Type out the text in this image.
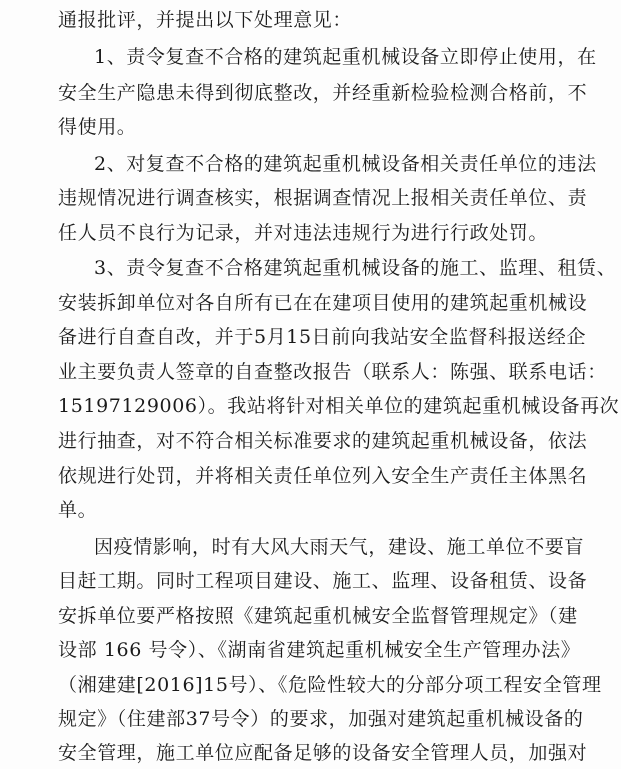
通报批评，并提出以下处理意见：
1、责令复查不合格的建筑起重机械设备立即停止使用，在
安全生产隐患未得到彻底整改，并经重新检验检测合格前，不
得使用。
2、对复查不合格的建筑起重机械设备相关责任单位的违法
违规情况进行调查核实，根据调查情况上报相关责任单位、责
任人员不良行为记录，并对违法违规行为进行行政处罚。
3、责令复查不合格建筑起重机械设备的施工、监理、租赁、
安装拆卸单位对各自所有已在在建项目使用的建筑起重机械设
备进行自查自改，并于5月15日前向我站安全监督科报送经企
业主要负责人签章的自查整改报告（联系人：陈强、联系电话：
15197129006）。我站将针对相关单位的建筑起重机械设备再次
进行抽查，对不符合相关标准要求的建筑起重机械设备，依法
依规进行处罚，并将相关责任单位列入安全生产责任主体黑名
单。
因疫情影响，时有大风大雨天气，建设、施工单位不要盲
目赶工期。同时工程项目建设、施工、监理、设备租赁、设备
安拆单位要严格按照《建筑起重机械安全监督管理规定》（建
设部 166 号令）、《湖南省建筑起重机械安全生产管理办法》
（湘建建[2016]15号）、《危险性较大的分部分项工程安全管理
规定》（住建部37号令）的要求，加强对建筑起重机械设备的
安全管理，施工单位应配备足够的设备安全管理人员，加强对
